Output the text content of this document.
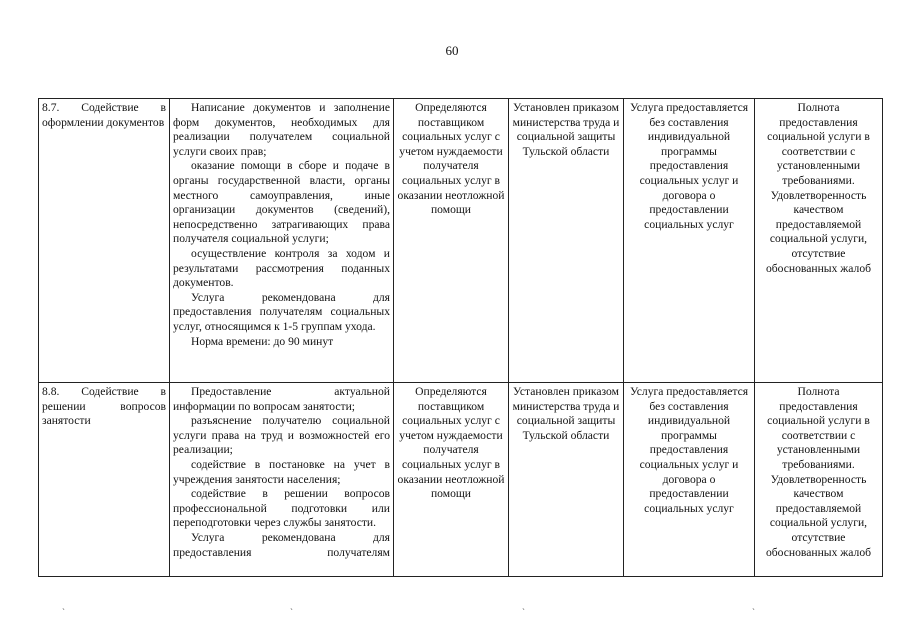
60
8.7. Содействие в оформлении документов	Написание документов и заполнение форм документов, необходимых для реализации получателем социальной услуги своих прав;

оказание помощи в сборе и подаче в органы государственной власти, органы местного самоуправления, иные организации документов (сведений), непосредственно затрагивающих права получателя социальной услуги;

осуществление контроля за ходом и результатами рассмотрения поданных документов.

Услуга рекомендована для предоставления получателям социальных услуг, относящимся к 1-5 группам ухода.

Норма времени: до 90 минут	Определяются поставщиком социальных услуг с учетом нуждаемости получателя социальных услуг в оказании неотложной помощи	Установлен приказом министерства труда и социальной защиты Тульской области	Услуга предоставляется без составления индивидуальной программы предоставления социальных услуг и договора о предоставлении социальных услуг	Полнота предоставления социальной услуги в соответствии с установленными требованиями. Удовлетворенность качеством предоставляемой социальной услуги, отсутствие обоснованных жалоб
8.8. Содействие в решении вопросов занятости	Предоставление актуальной информации по вопросам занятости;

разъяснение получателю социальной услуги права на труд и возможностей его реализации;

содействие в постановке на учет в учреждения занятости населения;

содействие в решении вопросов профессиональной подготовки или переподготовки через службы занятости.

Услуга рекомендована для предоставления получателям	Определяются поставщиком социальных услуг с учетом нуждаемости получателя социальных услуг в оказании неотложной помощи	Установлен приказом министерства труда и социальной защиты Тульской области	Услуга предоставляется без составления индивидуальной программы предоставления социальных услуг и договора о предоставлении социальных услуг	Полнота предоставления социальной услуги в соответствии с установленными требованиями. Удовлетворенность качеством предоставляемой социальной услуги, отсутствие обоснованных жалоб
ˋ	ˋ	ˋ	ˋ
